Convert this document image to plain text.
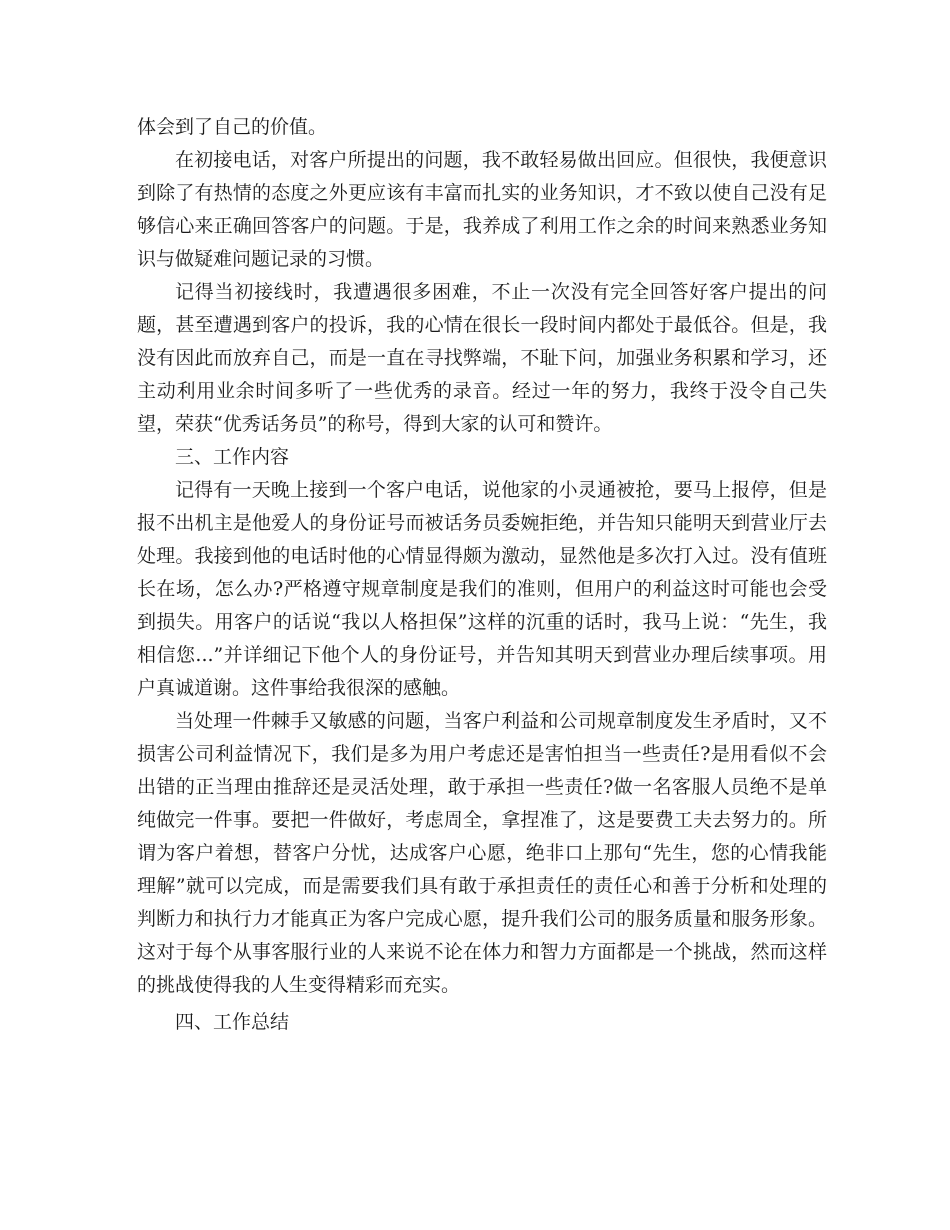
体会到了自己的价值。

在初接电话，对客户所提出的问题，我不敢轻易做出回应。但很快，我便意识到除了有热情的态度之外更应该有丰富而扎实的业务知识，才不致以使自己没有足够信心来正确回答客户的问题。于是，我养成了利用工作之余的时间来熟悉业务知识与做疑难问题记录的习惯。

记得当初接线时，我遭遇很多困难，不止一次没有完全回答好客户提出的问题，甚至遭遇到客户的投诉，我的心情在很长一段时间内都处于最低谷。但是，我没有因此而放弃自己，而是一直在寻找弊端，不耻下问，加强业务积累和学习，还主动利用业余时间多听了一些优秀的录音。经过一年的努力，我终于没令自己失望，荣获“优秀话务员”的称号，得到大家的认可和赞许。

三、工作内容

记得有一天晚上接到一个客户电话，说他家的小灵通被抢，要马上报停，但是报不出机主是他爱人的身份证号而被话务员委婉拒绝，并告知只能明天到营业厅去处理。我接到他的电话时他的心情显得颇为激动，显然他是多次打入过。没有值班长在场，怎么办?严格遵守规章制度是我们的准则，但用户的利益这时可能也会受到损失。用客户的话说“我以人格担保”这样的沉重的话时，我马上说：“先生，我相信您...”并详细记下他个人的身份证号，并告知其明天到营业办理后续事项。用户真诚道谢。这件事给我很深的感触。

当处理一件棘手又敏感的问题，当客户利益和公司规章制度发生矛盾时，又不损害公司利益情况下，我们是多为用户考虑还是害怕担当一些责任?是用看似不会出错的正当理由推辞还是灵活处理，敢于承担一些责任?做一名客服人员绝不是单纯做完一件事。要把一件做好，考虑周全，拿捏准了，这是要费工夫去努力的。所谓为客户着想，替客户分忧，达成客户心愿，绝非口上那句“先生，您的心情我能理解”就可以完成，而是需要我们具有敢于承担责任的责任心和善于分析和处理的判断力和执行力才能真正为客户完成心愿，提升我们公司的服务质量和服务形象。这对于每个从事客服行业的人来说不论在体力和智力方面都是一个挑战，然而这样的挑战使得我的人生变得精彩而充实。

四、工作总结
